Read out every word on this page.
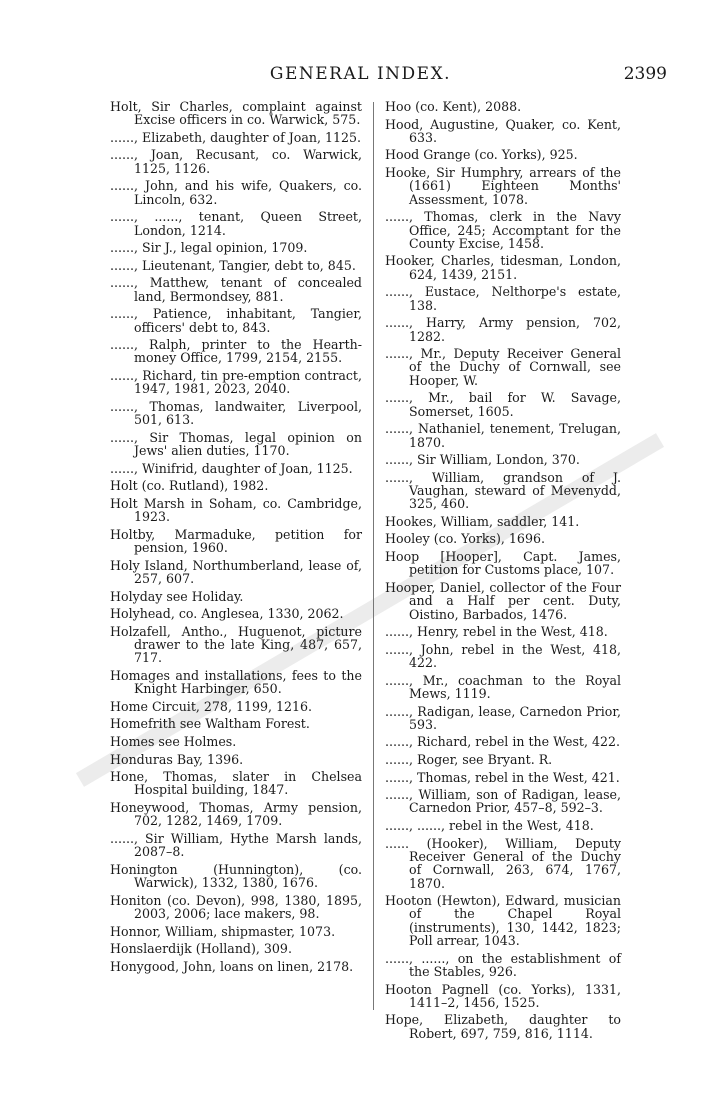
GENERAL INDEX.	2399

Holt, Sir Charles, complaint against Excise officers in co. Warwick, 575.

......, Elizabeth, daughter of Joan, 1125.

......, Joan, Recusant, co. Warwick, 1125, 1126.

......, John, and his wife, Quakers, co. Lincoln, 632.

......, ......, tenant, Queen Street, London, 1214.

......, Sir J., legal opinion, 1709.

......, Lieutenant, Tangier, debt to, 845.

......, Matthew, tenant of concealed land, Bermondsey, 881.

......, Patience, inhabitant, Tangier, officers' debt to, 843.

......, Ralph, printer to the Hearth-money Office, 1799, 2154, 2155.

......, Richard, tin pre-emption contract, 1947, 1981, 2023, 2040.

......, Thomas, landwaiter, Liverpool, 501, 613.

......, Sir Thomas, legal opinion on Jews' alien duties, 1170.

......, Winifrid, daughter of Joan, 1125.

Holt (co. Rutland), 1982.

Holt Marsh in Soham, co. Cambridge, 1923.

Holtby, Marmaduke, petition for pension, 1960.

Holy Island, Northumberland, lease of, 257, 607.

Holyday see Holiday.

Holyhead, co. Anglesea, 1330, 2062.

Holzafell, Antho., Huguenot, picture drawer to the late King, 487, 657, 717.

Homages and installations, fees to the Knight Harbinger, 650.

Home Circuit, 278, 1199, 1216.

Homefrith see Waltham Forest.

Homes see Holmes.

Honduras Bay, 1396.

Hone, Thomas, slater in Chelsea Hospital building, 1847.

Honeywood, Thomas, Army pension, 702, 1282, 1469, 1709.

......, Sir William, Hythe Marsh lands, 2087–8.

Honington (Hunnington), (co. Warwick), 1332, 1380, 1676.

Honiton (co. Devon), 998, 1380, 1895, 2003, 2006; lace makers, 98.

Honnor, William, shipmaster, 1073.

Honslaerdijk (Holland), 309.

Honygood, John, loans on linen, 2178.

Hoo (co. Kent), 2088.

Hood, Augustine, Quaker, co. Kent, 633.

Hood Grange (co. Yorks), 925.

Hooke, Sir Humphry, arrears of the (1661) Eighteen Months' Assessment, 1078.

......, Thomas, clerk in the Navy Office, 245; Accomptant for the County Excise, 1458.

Hooker, Charles, tidesman, London, 624, 1439, 2151.

......, Eustace, Nelthorpe's estate, 138.

......, Harry, Army pension, 702, 1282.

......, Mr., Deputy Receiver General of the Duchy of Cornwall, see Hooper, W.

......, Mr., bail for W. Savage, Somerset, 1605.

......, Nathaniel, tenement, Trelugan, 1870.

......, Sir William, London, 370.

......, William, grandson of J. Vaughan, steward of Mevenydd, 325, 460.

Hookes, William, saddler, 141.

Hooley (co. Yorks), 1696.

Hoop [Hooper], Capt. James, petition for Customs place, 107.

Hooper, Daniel, collector of the Four and a Half per cent. Duty, Oistino, Barbados, 1476.

......, Henry, rebel in the West, 418.

......, John, rebel in the West, 418, 422.

......, Mr., coachman to the Royal Mews, 1119.

......, Radigan, lease, Carnedon Prior, 593.

......, Richard, rebel in the West, 422.

......, Roger, see Bryant. R.

......, Thomas, rebel in the West, 421.

......, William, son of Radigan, lease, Carnedon Prior, 457–8, 592–3.

......, ......, rebel in the West, 418.

...... (Hooker), William, Deputy Receiver General of the Duchy of Cornwall, 263, 674, 1767, 1870.

Hooton (Hewton), Edward, musician of the Chapel Royal (instruments), 130, 1442, 1823; Poll arrear, 1043.

......, ......, on the establishment of the Stables, 926.

Hooton Pagnell (co. Yorks), 1331, 1411–2, 1456, 1525.

Hope, Elizabeth, daughter to Robert, 697, 759, 816, 1114.
